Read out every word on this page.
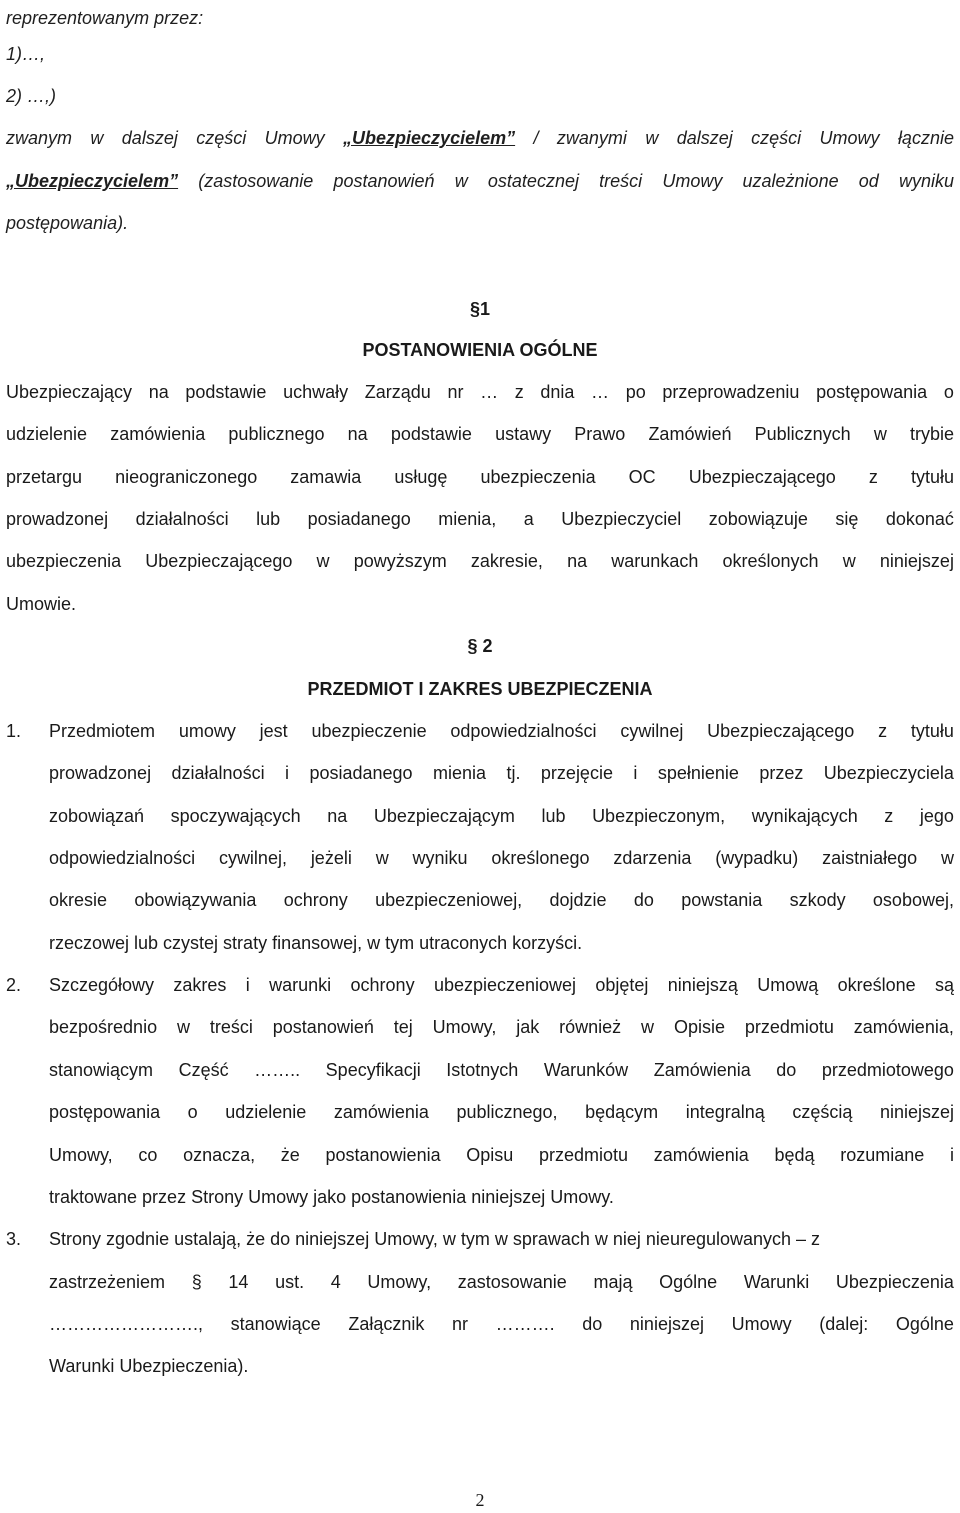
reprezentowanym przez:
1)…,
2) …,)
zwanym w dalszej części Umowy „Ubezpieczycielem” / zwanymi w dalszej części Umowy łącznie
„Ubezpieczycielem” (zastosowanie postanowień w ostatecznej treści Umowy uzależnione od wyniku
postępowania).
§1
POSTANOWIENIA OGÓLNE
Ubezpieczający na podstawie uchwały Zarządu nr … z dnia … po przeprowadzeniu postępowania o
udzielenie zamówienia publicznego na podstawie ustawy Prawo Zamówień Publicznych w trybie
przetargu nieograniczonego zamawia usługę ubezpieczenia OC Ubezpieczającego z tytułu
prowadzonej działalności lub posiadanego mienia, a Ubezpieczyciel zobowiązuje się dokonać
ubezpieczenia Ubezpieczającego w powyższym zakresie, na warunkach określonych w niniejszej
Umowie.
§ 2
PRZEDMIOT I ZAKRES UBEZPIECZENIA
1. Przedmiotem umowy jest ubezpieczenie odpowiedzialności cywilnej Ubezpieczającego z tytułu
prowadzonej działalności i posiadanego mienia tj. przejęcie i spełnienie przez Ubezpieczyciela
zobowiązań spoczywających na Ubezpieczającym lub Ubezpieczonym, wynikających z jego
odpowiedzialności cywilnej, jeżeli w wyniku określonego zdarzenia (wypadku) zaistniałego w
okresie obowiązywania ochrony ubezpieczeniowej, dojdzie do powstania szkody osobowej,
rzeczowej lub czystej straty finansowej, w tym utraconych korzyści.
2. Szczegółowy zakres i warunki ochrony ubezpieczeniowej objętej niniejszą Umową określone są
bezpośrednio w treści postanowień tej Umowy, jak również w Opisie przedmiotu zamówienia,
stanowiącym Część …….. Specyfikacji Istotnych Warunków Zamówienia do przedmiotowego
postępowania o udzielenie zamówienia publicznego, będącym integralną częścią niniejszej
Umowy, co oznacza, że postanowienia Opisu przedmiotu zamówienia będą rozumiane i
traktowane przez Strony Umowy jako postanowienia niniejszej Umowy.
3. Strony zgodnie ustalają, że do niniejszej Umowy, w tym w sprawach w niej nieuregulowanych – z
zastrzeżeniem § 14 ust. 4 Umowy, zastosowanie mają Ogólne Warunki Ubezpieczenia
……………………., stanowiące Załącznik nr ………. do niniejszej Umowy (dalej: Ogólne
Warunki Ubezpieczenia).
2
